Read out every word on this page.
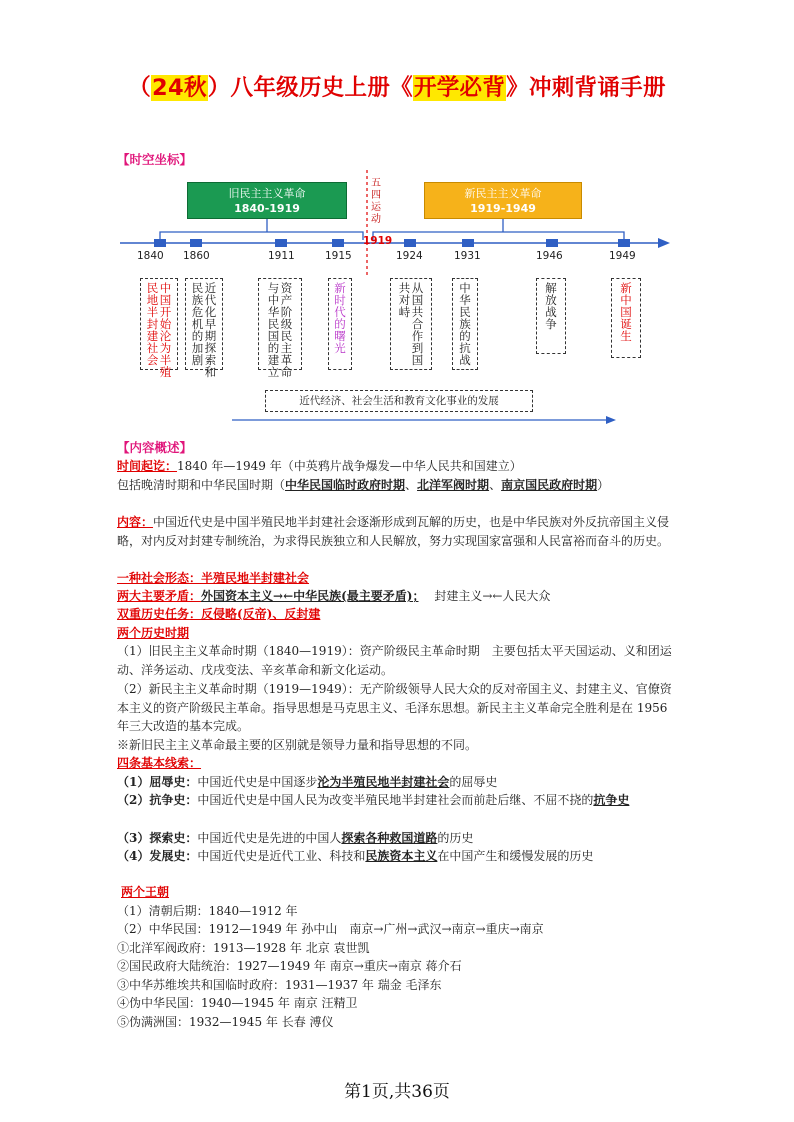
（24秋）八年级历史上册《开学必背》冲刺背诵手册
【时空坐标】
旧民主主义革命
1840-1919
新民主主义革命
1919-1949
五四运动
1919
1840 1860	1911	1915	1924	1931	1946	1949
民地半封建社会中国开始沦为半殖
民族危机的加剧近代化早期探索和
与中华民国的建立资产阶级民主革命
新时代的曙光
共对峙从国共合作到国
中华民族的抗战
解放战争
新中国诞生
近代经济、社会生活和教育文化事业的发展
【内容概述】
时间起讫：1840 年—1949 年（中英鸦片战争爆发—中华人民共和国建立）
包括晚清时期和中华民国时期（中华民国临时政府时期、北洋军阀时期、南京国民政府时期）
内容：中国近代史是中国半殖民地半封建社会逐渐形成到瓦解的历史，也是中华民族对外反抗帝国主义侵略，对内反对封建专制统治，为求得民族独立和人民解放，努力实现国家富强和人民富裕而奋斗的历史。
一种社会形态：半殖民地半封建社会
两大主要矛盾：外国资本主义→←中华民族(最主要矛盾)；　 封建主义→←人民大众
双重历史任务：反侵略(反帝)、反封建
两个历史时期
（1）旧民主主义革命时期（1840—1919）：资产阶级民主革命时期　主要包括太平天国运动、义和团运动、洋务运动、戊戌变法、辛亥革命和新文化运动。
（2）新民主主义革命时期（1919—1949）：无产阶级领导人民大众的反对帝国主义、封建主义、官僚资本主义的资产阶级民主革命。指导思想是马克思主义、毛泽东思想。新民主主义革命完全胜利是在 1956 年三大改造的基本完成。
※新旧民主主义革命最主要的区别就是领导力量和指导思想的不同。
四条基本线索：
（1）屈辱史：中国近代史是中国逐步沦为半殖民地半封建社会的屈辱史
（2）抗争史：中国近代史是中国人民为改变半殖民地半封建社会而前赴后继、不屈不挠的抗争史
（3）探索史：中国近代史是先进的中国人探索各种救国道路的历史
（4）发展史：中国近代史是近代工业、科技和民族资本主义在中国产生和缓慢发展的历史
两个王朝
（1）清朝后期：1840—1912 年
（2）中华民国：1912—1949 年 孙中山　南京→广州→武汉→南京→重庆→南京
①北洋军阀政府：1913—1928 年 北京 袁世凯
②国民政府大陆统治：1927—1949 年 南京→重庆→南京 蒋介石
③中华苏维埃共和国临时政府：1931—1937 年 瑞金 毛泽东
④伪中华民国：1940—1945 年 南京 汪精卫
⑤伪满洲国：1932—1945 年 长春 溥仪
第1页,共36页
